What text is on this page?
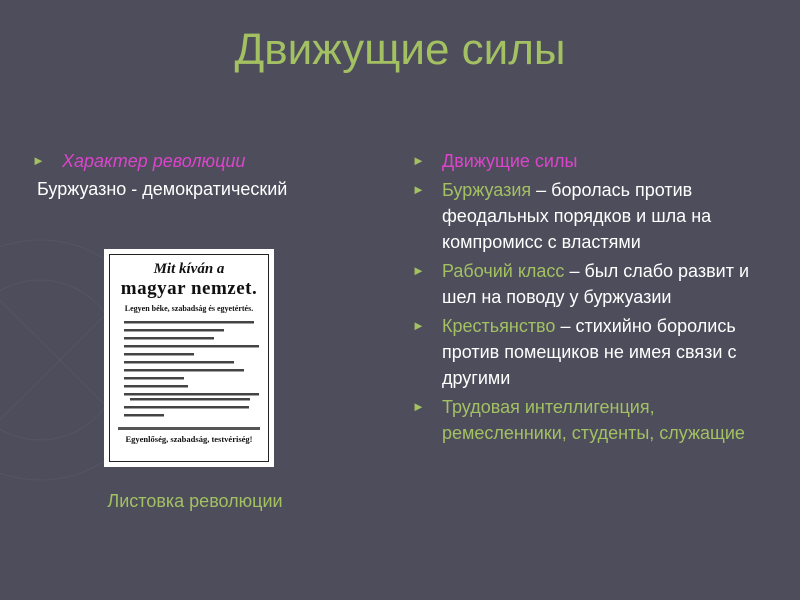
Движущие силы
► Характер революции
Буржуазно - демократический
Mit kíván a
magyar nemzet.
Legyen béke, szabadság és egyetértés.
Egyenlőség, szabadság, testvériség!
Листовка революции
► Движущие силы
► Буржуазия – боролась против феодальных порядков и шла на компромисс с властями
► Рабочий класс – был слабо развит и шел на поводу у буржуазии
► Крестьянство – стихийно боролись против помещиков не имея связи с другими
► Трудовая интеллигенция, ремесленники, студенты, служащие
